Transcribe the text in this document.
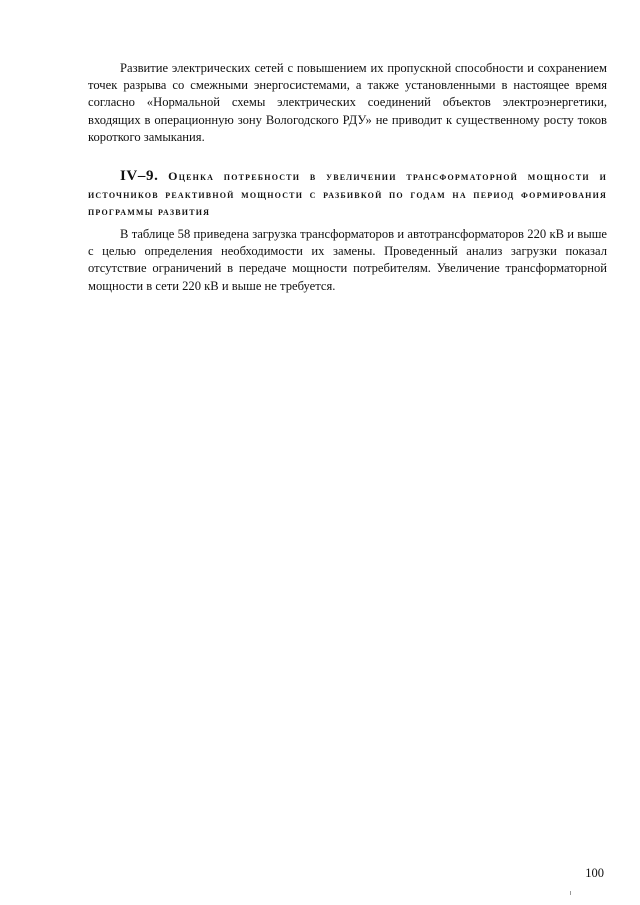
Развитие электрических сетей с повышением их пропускной способности и сохранением точек разрыва со смежными энергосистемами, а также установленными в настоящее время согласно «Нормальной схемы электрических соединений объектов электроэнергетики, входящих в операционную зону Вологодского РДУ» не приводит к существенному росту токов короткого замыкания.

IV–9. Оценка потребности в увеличении трансформаторной мощности и источников реактивной мощности с разбивкой по годам на период формирования программы развития

В таблице 58 приведена загрузка трансформаторов и автотрансформаторов 220 кВ и выше с целью определения необходимости их замены. Проведенный анализ загрузки показал отсутствие ограничений в передаче мощности потребителям. Увеличение трансформаторной мощности в сети 220 кВ и выше не требуется.

100
